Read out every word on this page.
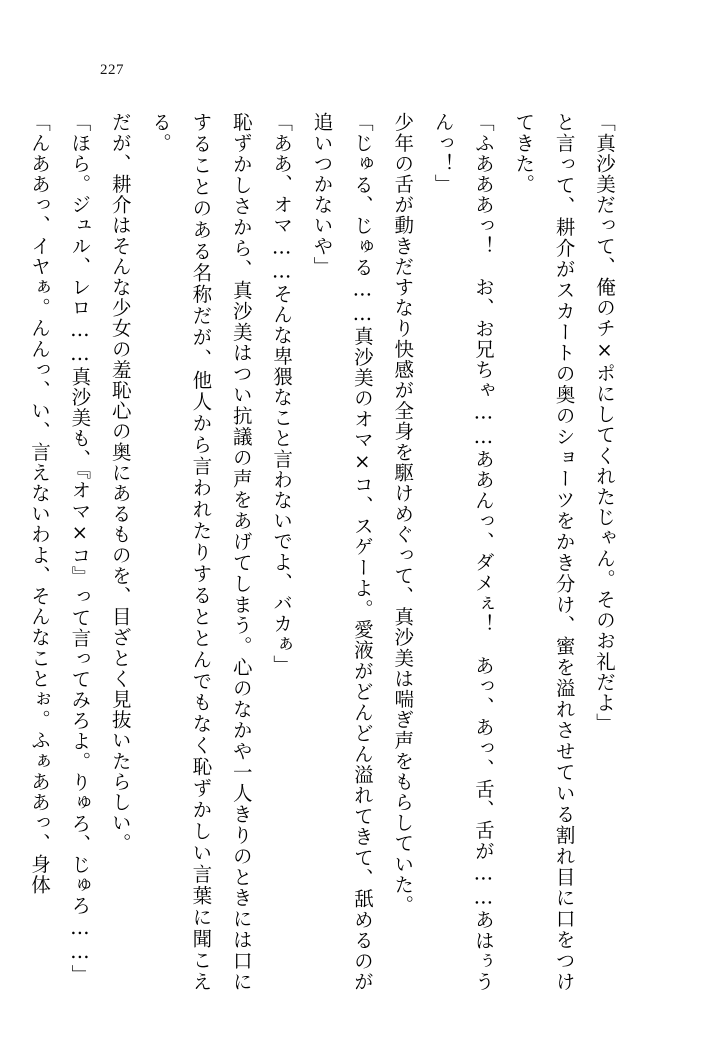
227

「真沙美だって、俺のチ×ポにしてくれたじゃん。そのお礼だよ」

と言って、耕介がスカートの奥のショーツをかき分け、蜜を溢れさせている割れ目に口をつけてきた。

「ふあああっ！　お、お兄ちゃ……ああんっ、ダメぇ！　あっ、あっ、舌、舌が……あはぅうんっ！」

少年の舌が動きだすなり快感が全身を駆けめぐって、真沙美は喘ぎ声をもらしていた。

「じゅる、じゅる……真沙美のオマ×コ、スゲーよ。愛液がどんどん溢れてきて、舐めるのが追いつかないや」

「ああ、オマ……そんな卑猥なこと言わないでよ、バカぁ」

恥ずかしさから、真沙美はつい抗議の声をあげてしまう。心のなかや一人きりのときには口にすることのある名称だが、他人から言われたりするととんでもなく恥ずかしい言葉に聞こえる。

だが、耕介はそんな少女の羞恥心の奥にあるものを、目ざとく見抜いたらしい。

「ほら。ジュル、レロ……真沙美も、『オマ×コ』って言ってみろよ。りゅろ、じゅろ……」

「んああっ、イヤぁ。んんっ、い、言えないわよ、そんなことぉ。ふぁああっ、身体
